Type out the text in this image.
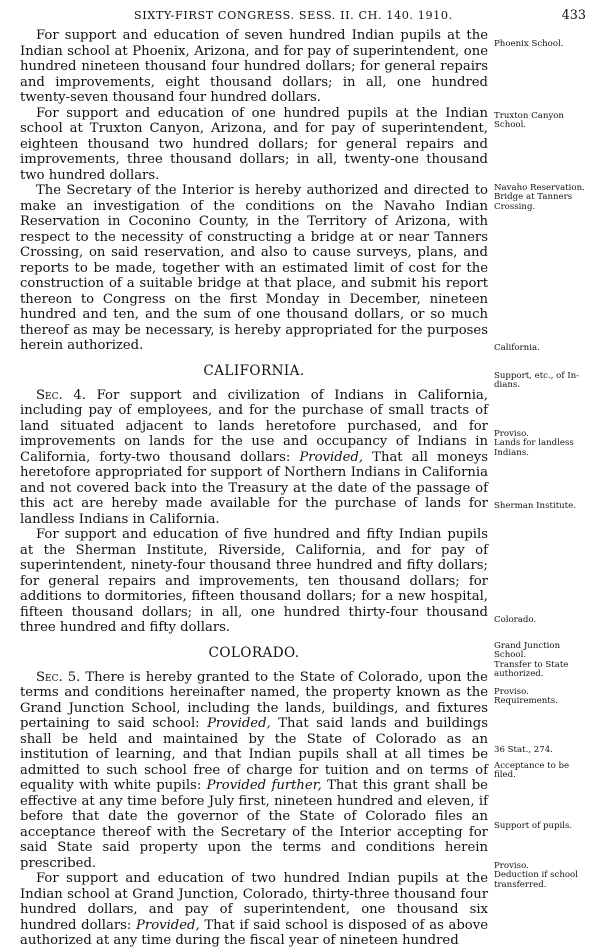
SIXTY-FIRST CONGRESS. SESS. II. CH. 140. 1910.	433

For support and education of seven hundred Indian pupils at the Indian school at Phoenix, Arizona, and for pay of superintendent, one hundred nineteen thousand four hundred dollars; for general repairs and improvements, eight thousand dollars; in all, one hundred twenty-seven thousand four hundred dollars.

For support and education of one hundred pupils at the Indian school at Truxton Canyon, Arizona, and for pay of superintendent, eighteen thousand two hundred dollars; for general repairs and improvements, three thousand dollars; in all, twenty-one thousand two hundred dollars.

The Secretary of the Interior is hereby authorized and directed to make an investigation of the conditions on the Navaho Indian Reservation in Coconino County, in the Territory of Arizona, with respect to the necessity of constructing a bridge at or near Tanners Crossing, on said reservation, and also to cause surveys, plans, and reports to be made, together with an estimated limit of cost for the construction of a suitable bridge at that place, and submit his report thereon to Congress on the first Monday in December, nineteen hundred and ten, and the sum of one thousand dollars, or so much thereof as may be necessary, is hereby appropriated for the purposes herein authorized.

CALIFORNIA.

Sec. 4. For support and civilization of Indians in California, including pay of employees, and for the purchase of small tracts of land situated adjacent to lands heretofore purchased, and for improvements on lands for the use and occupancy of Indians in California, forty-two thousand dollars: Provided, That all moneys heretofore appropriated for support of Northern Indians in California and not covered back into the Treasury at the date of the passage of this act are hereby made available for the purchase of lands for landless Indians in California.

For support and education of five hundred and fifty Indian pupils at the Sherman Institute, Riverside, California, and for pay of superintendent, ninety-four thousand three hundred and fifty dollars; for general repairs and improvements, ten thousand dollars; for additions to dormitories, fifteen thousand dollars; for a new hospital, fifteen thousand dollars; in all, one hundred thirty-four thousand three hundred and fifty dollars.

COLORADO.

Sec. 5. There is hereby granted to the State of Colorado, upon the terms and conditions hereinafter named, the property known as the Grand Junction School, including the lands, buildings, and fixtures pertaining to said school: Provided, That said lands and buildings shall be held and maintained by the State of Colorado as an institution of learning, and that Indian pupils shall at all times be admitted to such school free of charge for tuition and on terms of equality with white pupils: Provided further, That this grant shall be effective at any time before July first, nineteen hundred and eleven, if before that date the governor of the State of Colorado files an acceptance thereof with the Secretary of the Interior accepting for said State said property upon the terms and conditions herein prescribed.

For support and education of two hundred Indian pupils at the Indian school at Grand Junction, Colorado, thirty-three thousand four hundred dollars, and pay of superintendent, one thousand six hundred dollars: Provided, That if said school is disposed of as above authorized at any time during the fiscal year of nineteen hundred

Phoenix School.
Truxton Canyon
School.
Navaho Reservation.
Bridge at Tanners
Crossing.
California.
Support, etc., of In-
dians.
Proviso.
Lands for landless
Indians.
Sherman Institute.
Colorado.
Grand Junction
School.
Transfer to State
authorized.
Proviso.
Requirements.
36 Stat., 274.
Acceptance to be
filed.
Support of pupils.
Proviso.
Deduction if school
transferred.
